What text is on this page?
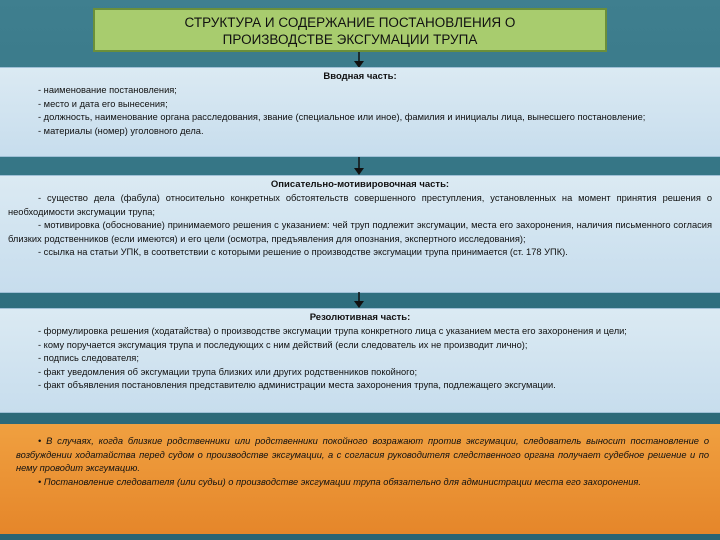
СТРУКТУРА И СОДЕРЖАНИЕ ПОСТАНОВЛЕНИЯ О
ПРОИЗВОДСТВЕ ЭКСГУМАЦИИ ТРУПА
Вводная часть:

- наименование постановления;

- место и дата его вынесения;

- должность, наименование органа расследования, звание (специальное или иное), фамилия и инициалы лица, вынесшего постановление;

- материалы (номер) уголовного дела.

Описательно-мотивировочная часть:

- существо дела (фабула) относительно конкретных обстоятельств совершенного преступления, установленных на момент принятия решения о необходимости эксгумации трупа;

- мотивировка (обоснование) принимаемого решения с указанием: чей труп подлежит эксгумации, места его захоронения, наличия письменного согласия близких родственников (если имеются) и его цели (осмотра, предъявления для опознания, экспертного исследования);

- ссылка на статьи УПК, в соответствии с которыми решение о производстве эксгумации трупа принимается (ст. 178 УПК).

Резолютивная часть:

- формулировка решения (ходатайства) о производстве эксгумации трупа конкретного лица с указанием места его захоронения и цели;

- кому поручается эксгумация трупа и последующих с ним действий (если следователь их не производит лично);

- подпись следователя;

- факт уведомления об эксгумации трупа близких или других родственников покойного;

- факт объявления постановления представителю администрации места захоронения трупа, подлежащего эксгумации.

• В случаях, когда близкие родственники или родственники покойного возражают против эксгумации, следователь выносит постановление о возбуждении ходатайства перед судом о производстве эксгумации, а с согласия руководителя следственного органа получает судебное решение и по нему проводит эксгумацию.

• Постановление следователя (или судьи) о производстве эксгумации трупа обязательно для администрации места его захоронения.
